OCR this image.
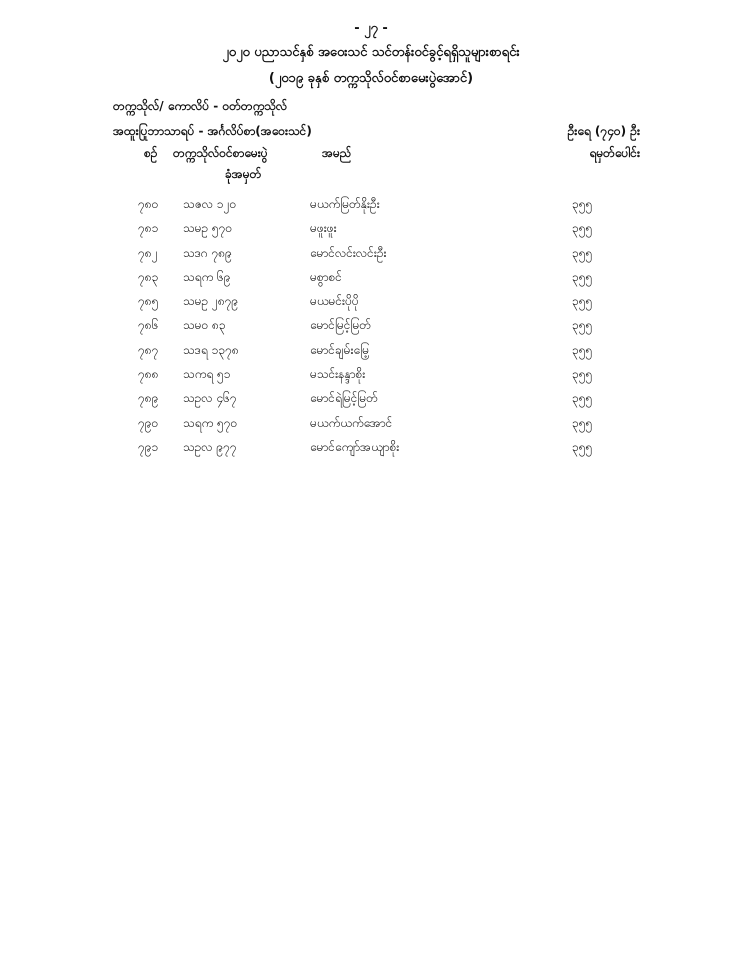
- ၂၇ -
၂၀၂၀ ပညာသင်နှစ် အဝေးသင် သင်တန်းဝင်ခွင့်ရရှိသူများစာရင်း
(၂၀၁၉ ခုနှစ် တက္ကသိုလ်ဝင်စာမေးပွဲအောင်)
တက္ကသိုလ်/ ကောလိပ် - ဝတ်တက္ကသိုလ်
အထူးပြုဘာသာရပ် - အင်္ဂလိပ်စာ(အဝေးသင်)	ဦးရေ (၇၄၀) ဦး
စဉ် တက္ကသိုလ်ဝင်စာမေးပွဲ
ခုံအမှတ်
အမည်	ရမှတ်ပေါင်း
၇၈၀	သဇလ ၁၂၀	မယက်မြတ်နိုးဦး	၃၅၅
၇၈၁	သမဥ ၅၇၀	မဖူးဖူး	၃၅၅
၇၈၂	သဒဂ ၇၈၉	မောင်လင်းလင်းဦး	၃၅၅
၇၈၃	သရက ၆၉	မစွာစင်	၃၅၅
၇၈၅	သမဥ ၂၈၇၉	မယမင်းပိုပို	၃၅၅
၇၈၆	သမဝ ၈၃	မောင်မြင့်မြတ်	၃၅၅
၇၈၇	သဒရ ၁၃၇၈	မောင်ချမ်းမြေ့	၃၅၅
၇၈၈	သကရ ၅၁	မသင်းနန္ဒာစိုး	၃၅၅
၇၈၉	သဥလ ၄၆၇	မောင်ရဲမြင့်မြတ်	၃၅၅
၇၉၀	သရက ၅၇၀	မယက်ယက်အောင်	၃၅၅
၇၉၁	သဥလ ၉၇၇	မောင်ကျော်အယျာစိုး	၃၅၅
